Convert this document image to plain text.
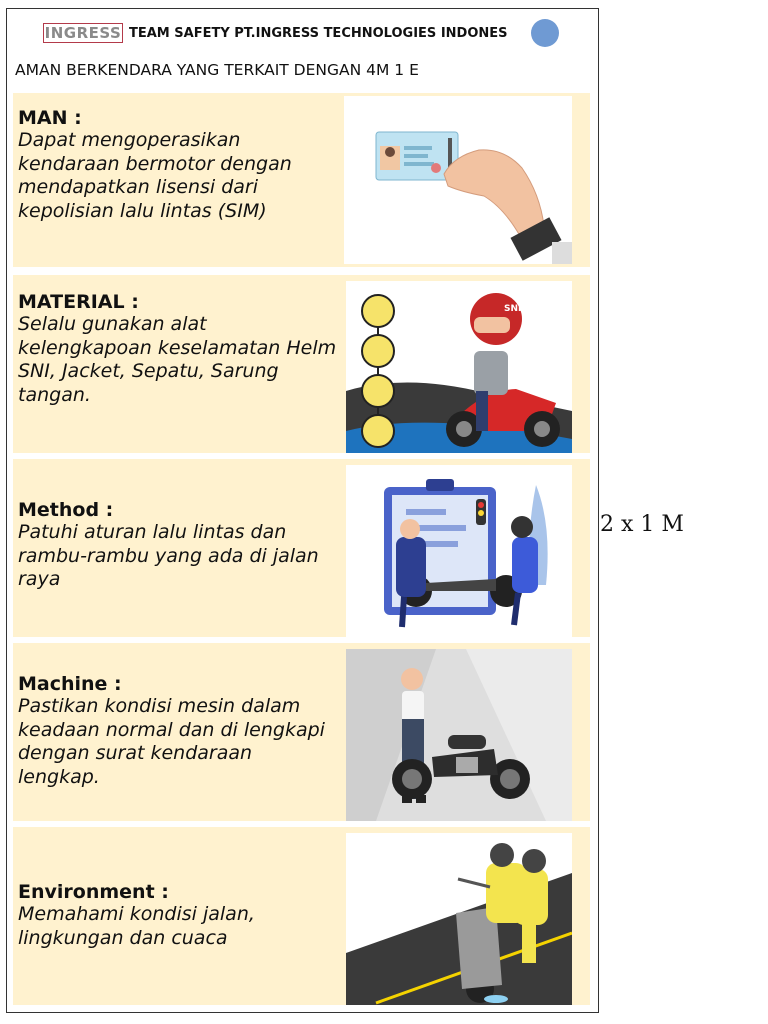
INGRESS TEAM SAFETY PT.INGRESS TECHNOLOGIES INDONES
AMAN BERKENDARA YANG TERKAIT DENGAN 4M 1 E
MAN :
Dapat mengoperasikan kendaraan bermotor dengan mendapatkan lisensi dari kepolisian lalu lintas (SIM)
MATERIAL :
Selalu gunakan alat kelengkapoan keselamatan Helm SNI, Jacket, Sepatu, Sarung tangan.
SNI
Method :
Patuhi aturan lalu lintas dan rambu-rambu yang ada di jalan raya
Machine :
Pastikan kondisi mesin dalam keadaan normal dan di lengkapi dengan surat kendaraan lengkap.
Environment :
Memahami kondisi jalan, lingkungan dan cuaca
2 x 1 M
